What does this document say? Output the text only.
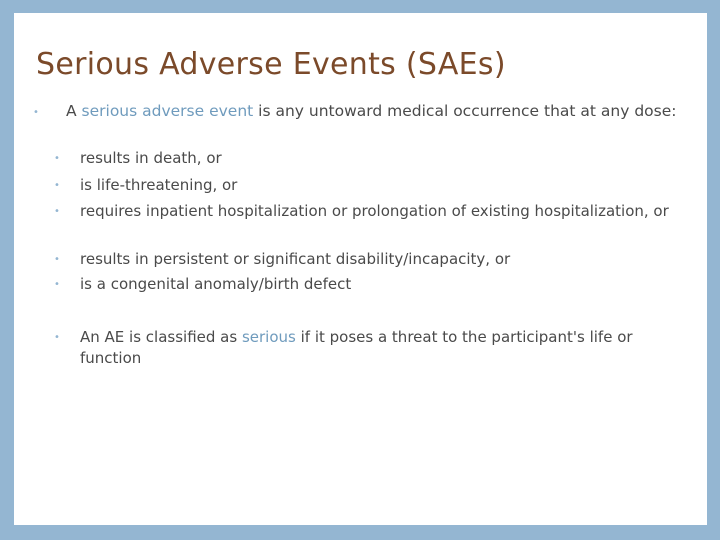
Serious Adverse Events (SAEs)
• A serious adverse event is any untoward medical occurrence that at any dose:
• results in death, or
• is life-threatening, or
• requires inpatient hospitalization or prolongation of existing hospitalization, or
• results in persistent or significant disability/incapacity, or
• is a congenital anomaly/birth defect
• An AE is classified as serious if it poses a threat to the participant's life or function
